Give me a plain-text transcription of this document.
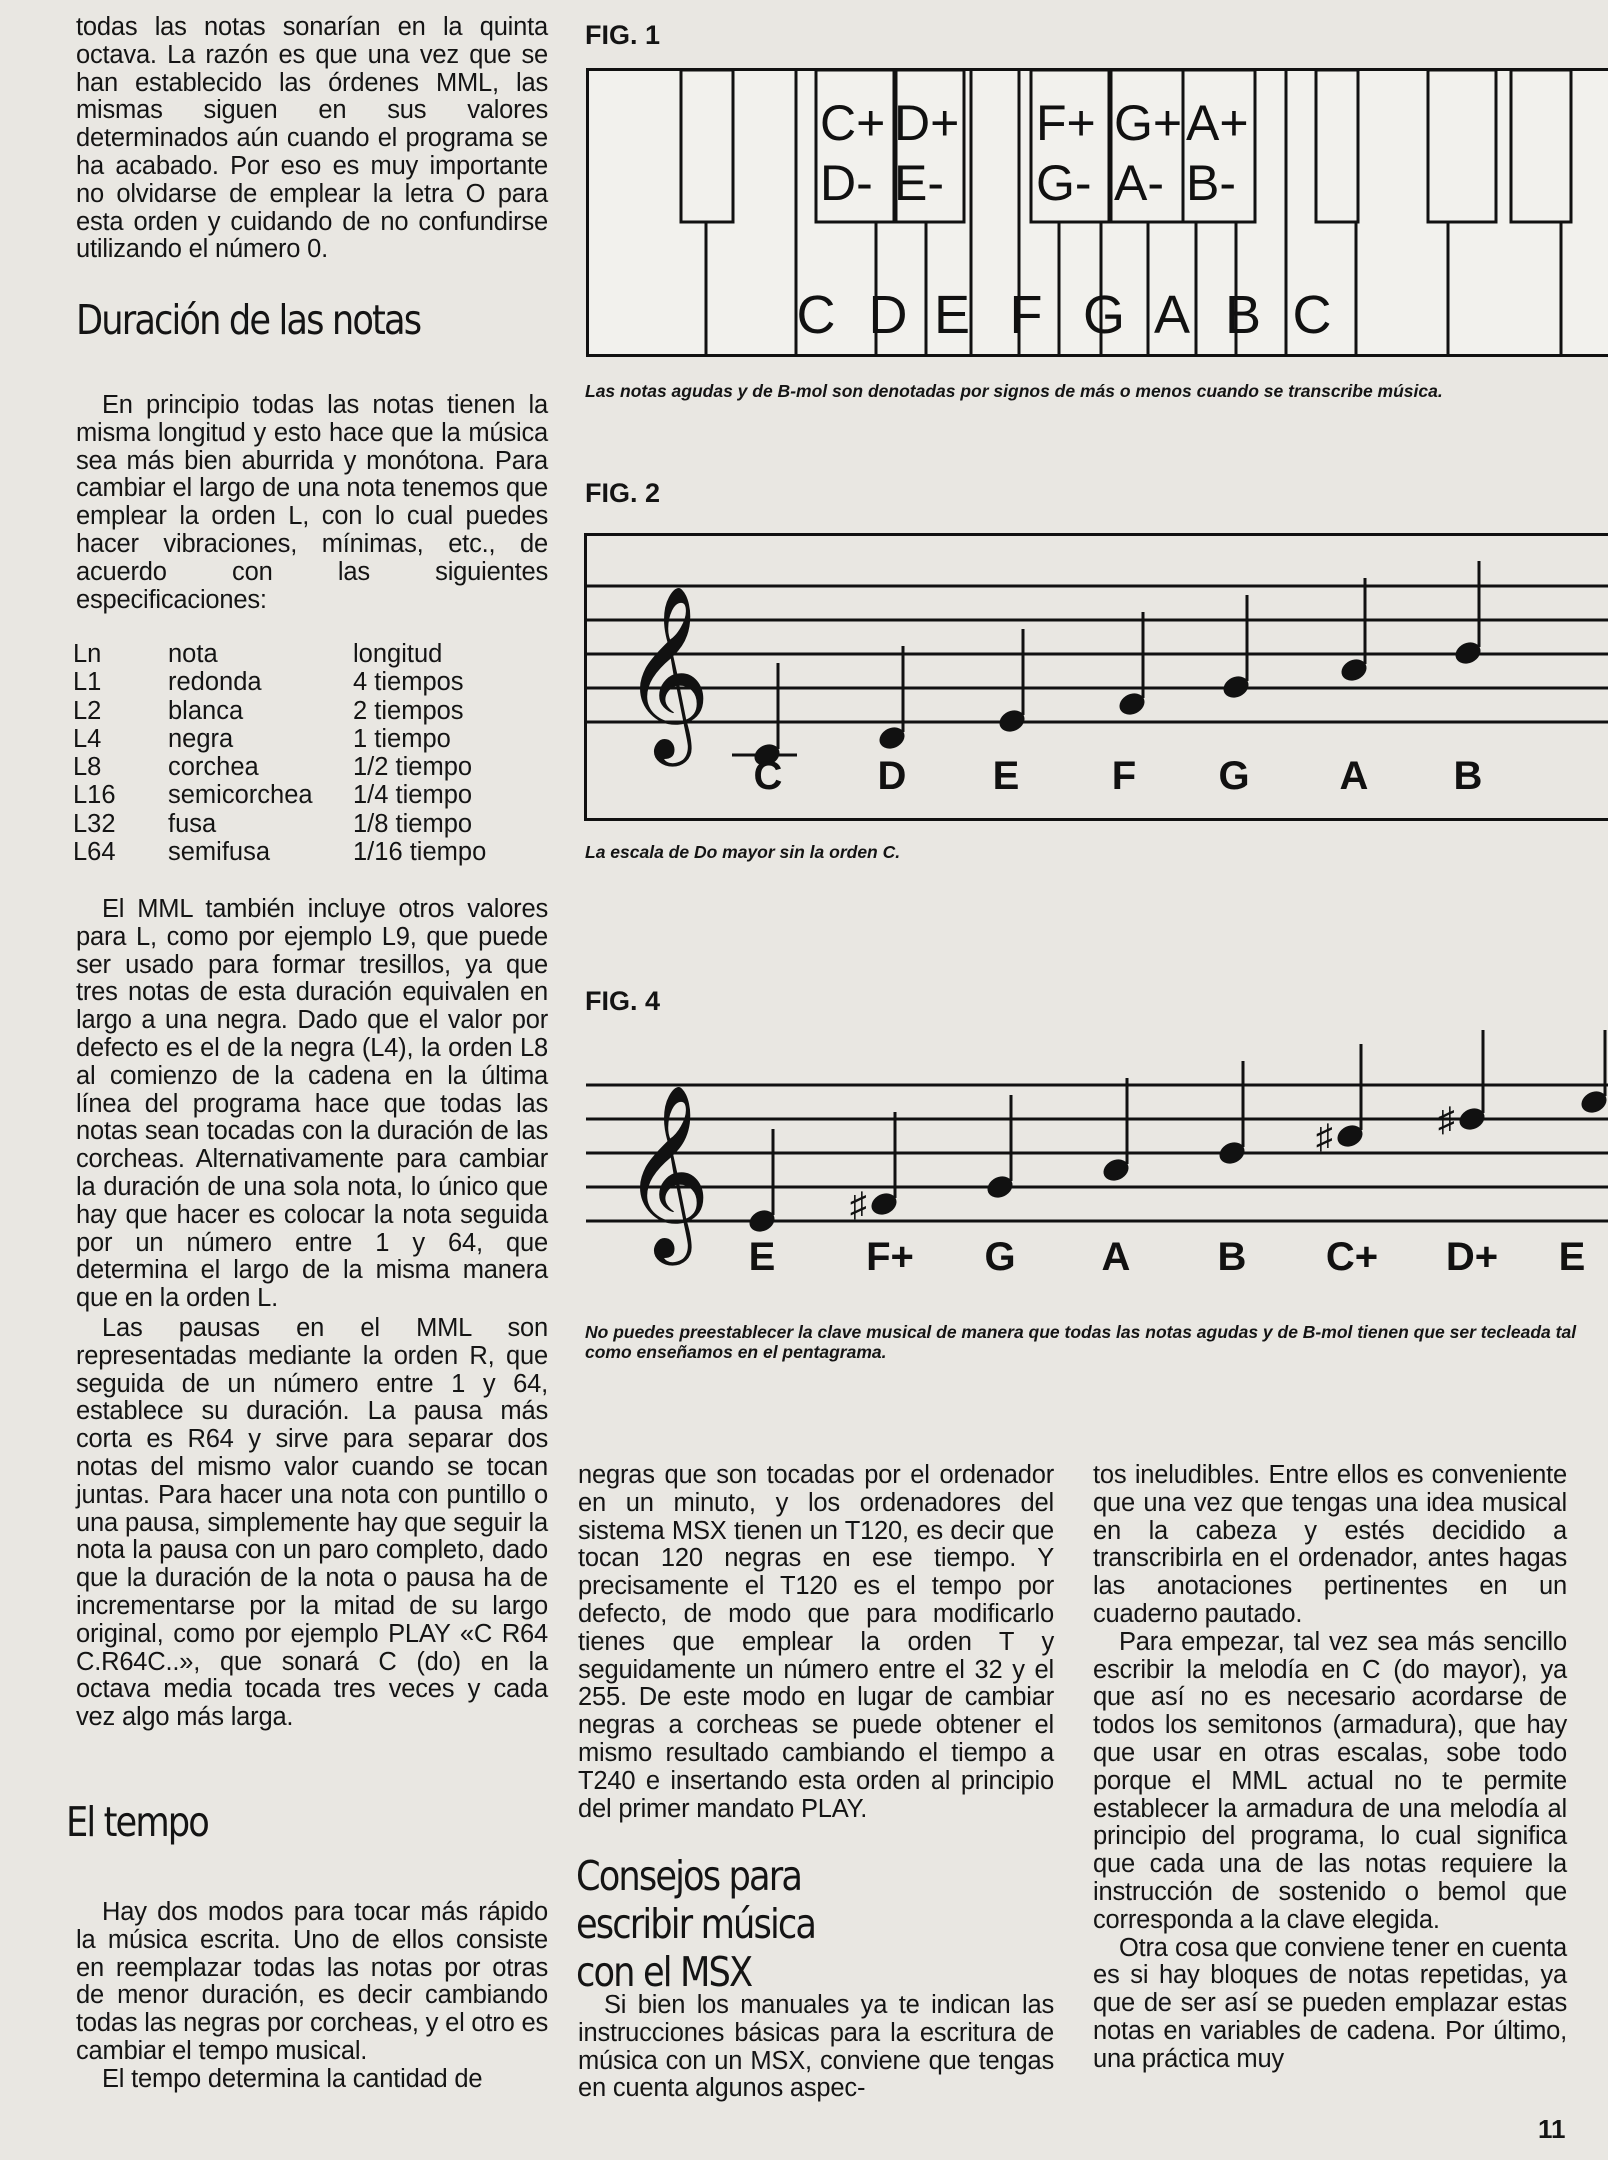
todas las notas sonarían en la quinta octava. La razón es que una vez que se han establecido las órdenes MML, las mismas siguen en sus valores determinados aún cuando el programa se ha acabado. Por eso es muy importante no olvidarse de emplear la letra O para esta orden y cuidando de no confundirse utilizando el número 0.

Duración de las notas

En principio todas las notas tienen la misma longitud y esto hace que la música sea más bien aburrida y monótona. Para cambiar el largo de una nota tenemos que emplear la orden L, con lo cual puedes hacer vibraciones, mínimas, etc., de acuerdo con las siguientes especificaciones:

Ln	nota	longitud
L1	redonda	4 tiempos
L2	blanca	2 tiempos
L4	negra	1 tiempo
L8	corchea	1/2 tiempo
L16	semicorchea	1/4 tiempo
L32	fusa	1/8 tiempo
L64	semifusa	1/16 tiempo

El MML también incluye otros valores para L, como por ejemplo L9, que puede ser usado para formar tresillos, ya que tres notas de esta duración equivalen en largo a una negra. Dado que el valor por defecto es el de la negra (L4), la orden L8 al comienzo de la cadena en la última línea del programa hace que todas las notas sean tocadas con la duración de las corcheas. Alternativamente para cambiar la duración de una sola nota, lo único que hay que hacer es colocar la nota seguida por un número entre 1 y 64, que determina el largo de la misma manera que en la orden L.

Las pausas en el MML son representadas mediante la orden R, que seguida de un número entre 1 y 64, establece su duración. La pausa más corta es R64 y sirve para separar dos notas del mismo valor cuando se tocan juntas. Para hacer una nota con puntillo o una pausa, simplemente hay que seguir la nota la pausa con un paro completo, dado que la duración de la nota o pausa ha de incrementarse por la mitad de su largo original, como por ejemplo PLAY «C R64 C.R64C..», que sonará C (do) en la octava media tocada tres veces y cada vez algo más larga.

El tempo

Hay dos modos para tocar más rápido la música escrita. Uno de ellos consiste en reemplazar todas las notas por otras de menor duración, es decir cambiando todas las negras por corcheas, y el otro es cambiar el tempo musical.

El tempo determina la cantidad de

negras que son tocadas por el ordenador en un minuto, y los ordenadores del sistema MSX tienen un T120, es decir que tocan 120 negras en ese tiempo. Y precisamente el T120 es el tempo por defecto, de modo que para modificarlo tienes que emplear la orden T y seguidamente un número entre el 32 y el 255. De este modo en lugar de cambiar negras a corcheas se puede obtener el mismo resultado cambiando el tiempo a T240 e insertando esta orden al principio del primer mandato PLAY.

Consejos para escribir música con el MSX

Si bien los manuales ya te indican las instrucciones básicas para la escritura de música con un MSX, conviene que tengas en cuenta algunos aspec-

tos ineludibles. Entre ellos es conveniente que una vez que tengas una idea musical en la cabeza y estés decidido a transcribirla en el ordenador, antes hagas las anotaciones pertinentes en un cuaderno pautado.

Para empezar, tal vez sea más sencillo escribir la melodía en C (do mayor), ya que así no es necesario acordarse de todos los semitonos (armadura), que hay que usar en otras escalas, sobe todo porque el MML actual no te permite establecer la armadura de una melodía al principio del programa, lo cual significa que cada una de las notas requiere la instrucción de sostenido o bemol que corresponda a la clave elegida.

Otra cosa que conviene tener en cuenta es si hay bloques de notas repetidas, ya que de ser así se pueden emplazar estas notas en variables de cadena. Por último, una práctica muy

FIG. 1

C+
D-
D+
E-
F+
G-
G+
A-
A+
B-
C D E F G A B C

Las notas agudas y de B-mol son denotadas por signos de más o menos cuando se transcribe música.

FIG. 2

𝄞
C D E F G A B

La escala de Do mayor sin la orden C.

FIG. 4

𝄞	♯
♯	♯
E F+ G A B C+ D+ E

No puedes preestablecer la clave musical de manera que todas las notas agudas y de B-mol tienen que ser tecleada tal como enseñamos en el pentagrama.

11
